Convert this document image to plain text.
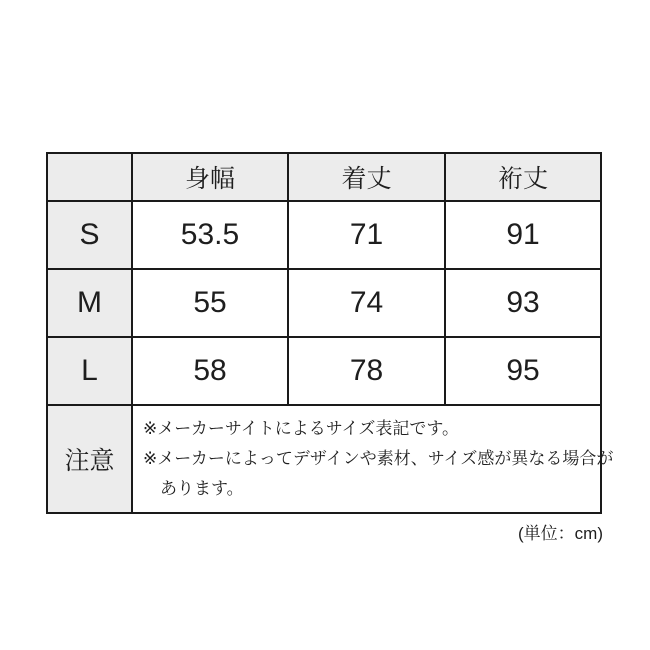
	身幅	着丈	裄丈
S	53.5	71	91
M	55	74	93
L	58	78	95
注意	※メーカーサイトによるサイズ表記です。
※メーカーによってデザインや素材、サイズ感が異なる場合が
あります。		
(単位：cm)
